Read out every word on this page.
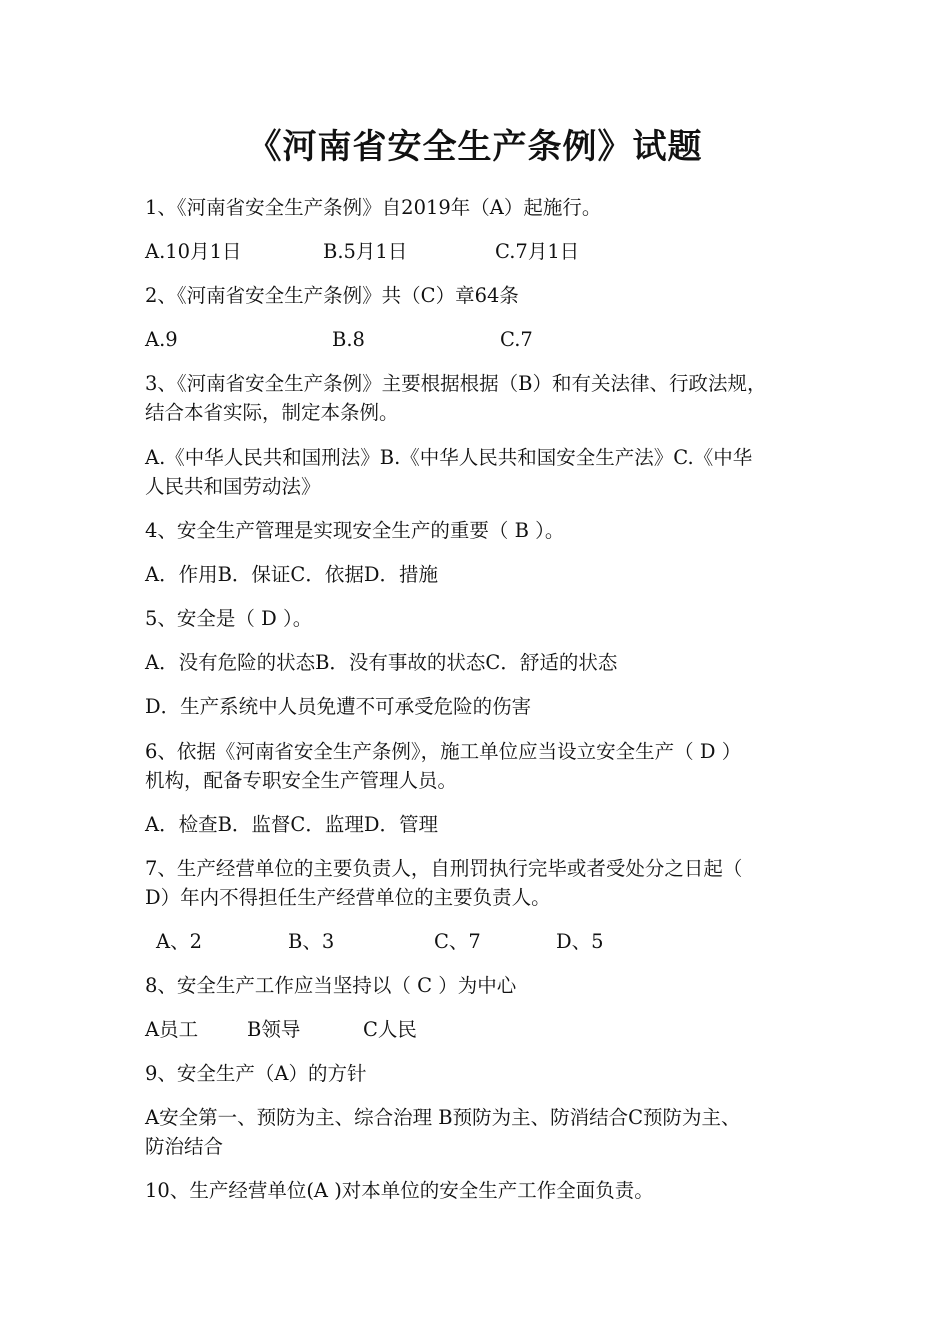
《河南省安全生产条例》试题
1、《河南省安全生产条例》自2019年（A）起施行。
A.10月1日	B.5月1日	C.7月1日
2、《河南省安全生产条例》共（C）章64条
A.9	B.8	C.7
3、《河南省安全生产条例》主要根据根据（B）和有关法律、行政法规，
结合本省实际，制定本条例。
A.《中华人民共和国刑法》B.《中华人民共和国安全生产法》C.《中华
人民共和国劳动法》
4、安全生产管理是实现安全生产的重要（ B ）。
A．作用B．保证C．依据D．措施
5、安全是（ D ）。
A．没有危险的状态B．没有事故的状态C．舒适的状态
D．生产系统中人员免遭不可承受危险的伤害
6、依据《河南省安全生产条例》，施工单位应当设立安全生产（ D ）
机构，配备专职安全生产管理人员。
A．检查B．监督C．监理D．管理
7、生产经营单位的主要负责人，自刑罚执行完毕或者受处分之日起（
D）年内不得担任生产经营单位的主要负责人。
A、2	B、3	C、7	D、5
8、安全生产工作应当坚持以（ C ）为中心
A员工	B领导	C人民
9、安全生产（A）的方针
A安全第一、预防为主、综合治理 B预防为主、防消结合C预防为主、
防治结合
10、生产经营单位(A )对本单位的安全生产工作全面负责。
